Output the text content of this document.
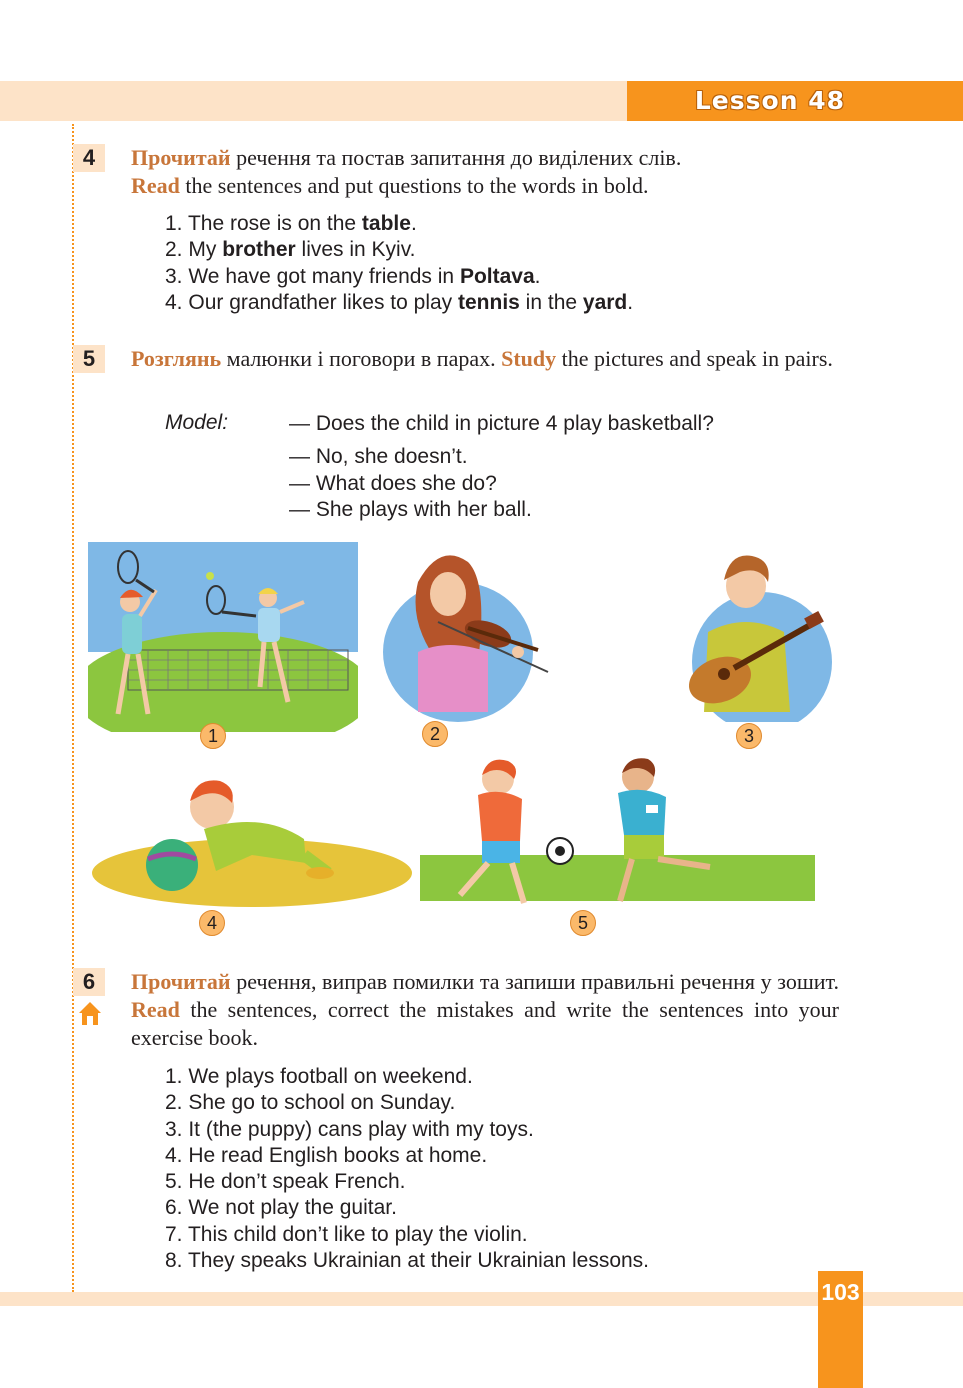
Lesson 48
4	Прочитай речення та постав запитання до виділених слів.
Read the sentences and put questions to the words in bold.
1. The rose is on the table.
2. My brother lives in Kyiv.
3. We have got many friends in Poltava.
4. Our grandfather likes to play tennis in the yard.
5	Розглянь малюнки і поговори в парах. Study the pictures and speak in pairs.
Model:	— Does the child in picture 4 play basketball?
— No, she doesn’t.
— What does she do?
— She plays with her ball.
1	2	3
4	5
6	Прочитай речення, виправ помилки та запиши правильні речення у зошит. Read the sentences, correct the mistakes and write the sentences into your exercise book.
1. We plays football on weekend.
2. She go to school on Sunday.
3. It (the puppy) cans play with my toys.
4. He read English books at home.
5. He don’t speak French.
6. We not play the guitar.
7. This child don’t like to play the violin.
8. They speaks Ukrainian at their Ukrainian lessons.
103
